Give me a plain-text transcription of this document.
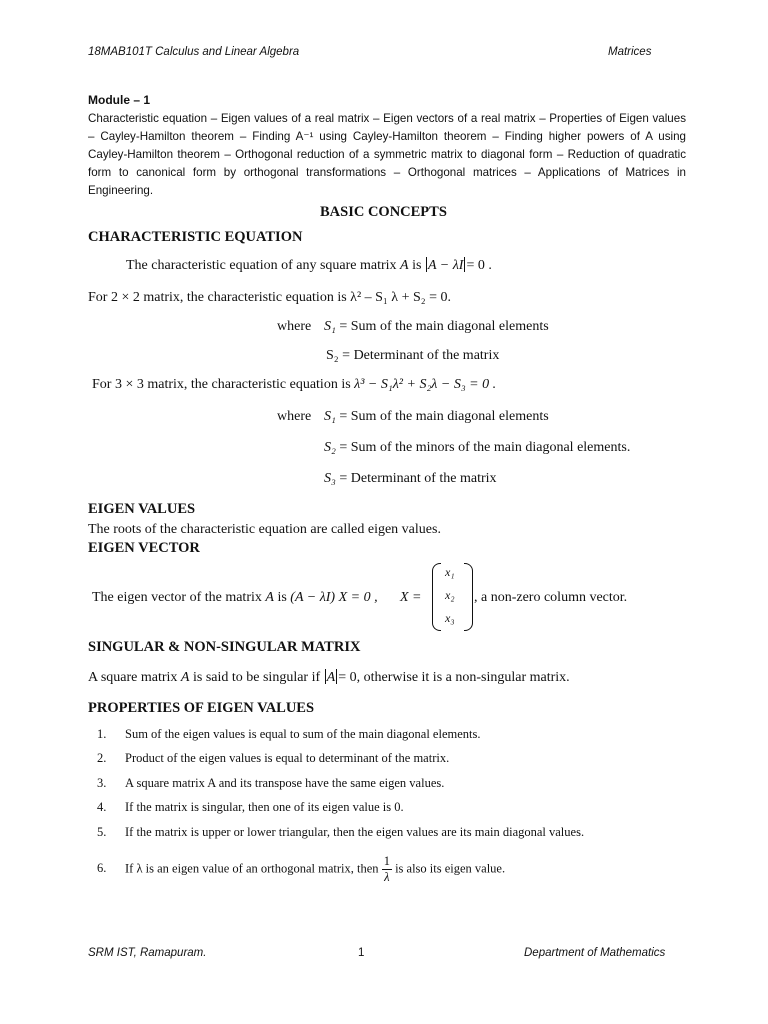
18MAB101T Calculus and Linear Algebra	Matrices
Module – 1
Characteristic equation – Eigen values of a real matrix – Eigen vectors of a real matrix – Properties of Eigen values – Cayley-Hamilton theorem – Finding A⁻¹ using Cayley-Hamilton theorem – Finding higher powers of A using Cayley-Hamilton theorem – Orthogonal reduction of a symmetric matrix to diagonal form – Reduction of quadratic form to canonical form by orthogonal transformations – Orthogonal matrices – Applications of Matrices in Engineering.
BASIC CONCEPTS
CHARACTERISTIC EQUATION
The characteristic equation of any square matrix A is A − λI = 0 .
For 2 × 2 matrix, the characteristic equation is λ² – S₁ λ + S₂ = 0.
where S₁ = Sum of the main diagonal elements
S₂ = Determinant of the matrix
For 3 × 3 matrix, the characteristic equation is λ³ − S₁λ² + S₂λ − S₃ = 0 .
where S₁ = Sum of the main diagonal elements
S₂ = Sum of the minors of the main diagonal elements.
S₃ = Determinant of the matrix
EIGEN VALUES
The roots of the characteristic equation are called eigen values.
EIGEN VECTOR
The eigen vector of the matrix A is (A − λI) X = 0 , X =
x₁
x₂
x₃
, a non-zero column vector.
SINGULAR & NON-SINGULAR MATRIX
A square matrix A is said to be singular if A = 0, otherwise it is a non-singular matrix.
PROPERTIES OF EIGEN VALUES
1. Sum of the eigen values is equal to sum of the main diagonal elements.
2. Product of the eigen values is equal to determinant of the matrix.
3. A square matrix A and its transpose have the same eigen values.
4. If the matrix is singular, then one of its eigen value is 0.
5. If the matrix is upper or lower triangular, then the eigen values are its main diagonal values.
6. If λ is an eigen value of an orthogonal matrix, then $\frac{1}{\lambda}$ is also its eigen value.
SRM IST, Ramapuram.	1	Department of Mathematics
